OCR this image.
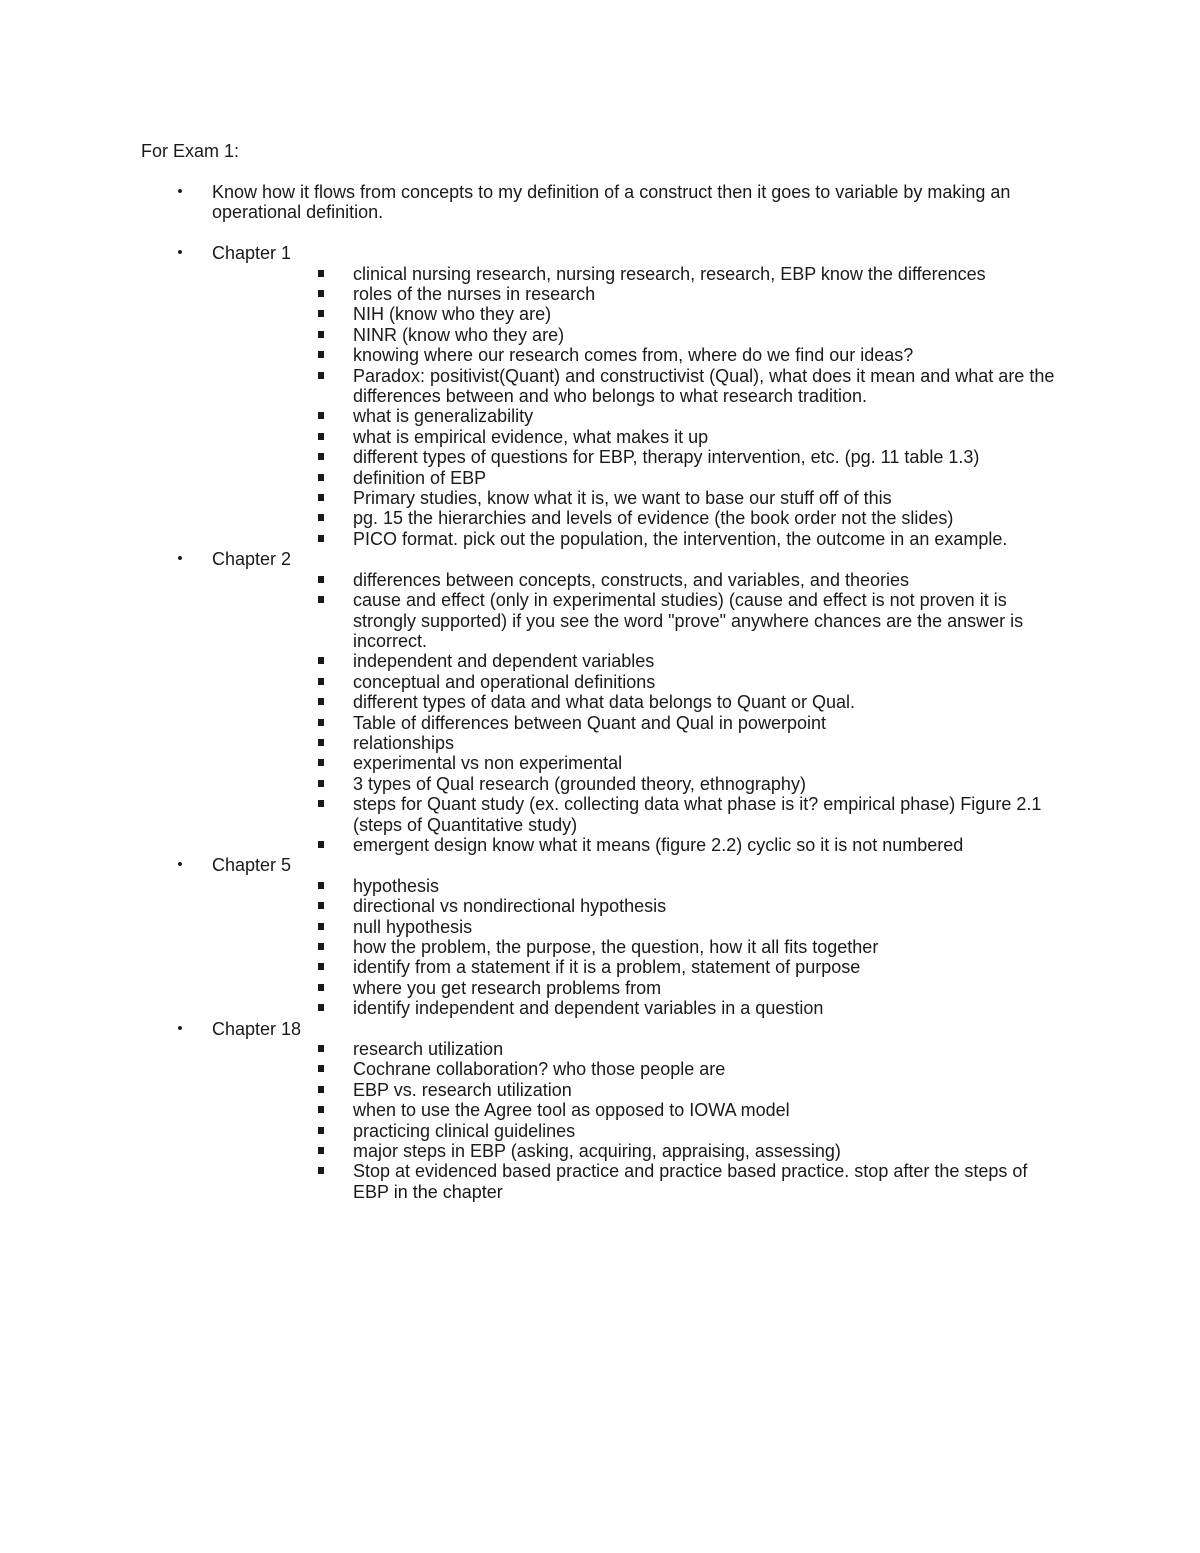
For Exam 1:

• Know how it flows from concepts to my definition of a construct then it goes to variable by making an operational definition.
• Chapter 1
clinical nursing research, nursing research, research, EBP know the differences
roles of the nurses in research
NIH (know who they are)
NINR (know who they are)
knowing where our research comes from, where do we find our ideas?
Paradox: positivist(Quant) and constructivist (Qual), what does it mean and what are the differences between and who belongs to what research tradition.
what is generalizability
what is empirical evidence, what makes it up
different types of questions for EBP, therapy intervention, etc. (pg. 11 table 1.3)
definition of EBP
Primary studies, know what it is, we want to base our stuff off of this
pg. 15 the hierarchies and levels of evidence (the book order not the slides)
PICO format. pick out the population, the intervention, the outcome in an example.
• Chapter 2
differences between concepts, constructs, and variables, and theories
cause and effect (only in experimental studies) (cause and effect is not proven it is strongly supported) if you see the word "prove" anywhere chances are the answer is incorrect.
independent and dependent variables
conceptual and operational definitions
different types of data and what data belongs to Quant or Qual.
Table of differences between Quant and Qual in powerpoint
relationships
experimental vs non experimental
3 types of Qual research (grounded theory, ethnography)
steps for Quant study (ex. collecting data what phase is it? empirical phase) Figure 2.1 (steps of Quantitative study)
emergent design know what it means (figure 2.2) cyclic so it is not numbered
• Chapter 5
hypothesis
directional vs nondirectional hypothesis
null hypothesis
how the problem, the purpose, the question, how it all fits together
identify from a statement if it is a problem, statement of purpose
where you get research problems from
identify independent and dependent variables in a question
• Chapter 18
research utilization
Cochrane collaboration? who those people are
EBP vs. research utilization
when to use the Agree tool as opposed to IOWA model
practicing clinical guidelines
major steps in EBP (asking, acquiring, appraising, assessing)
Stop at evidenced based practice and practice based practice. stop after the steps of EBP in the chapter
